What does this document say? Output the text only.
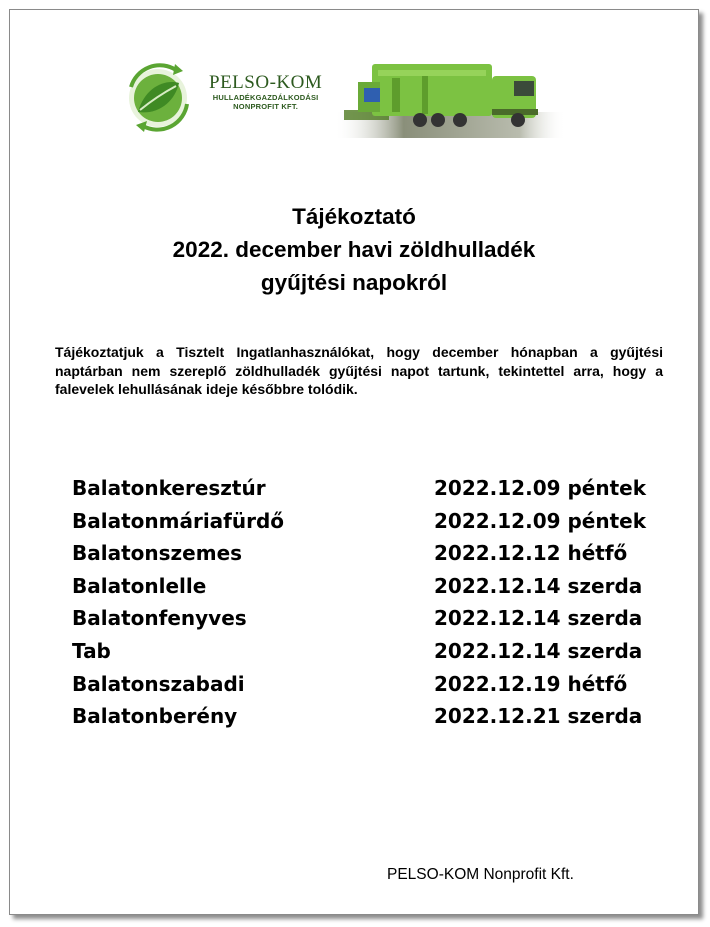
PELSO-KOM
HULLADÉKGAZDÁLKODÁSI
NONPROFIT KFT.
Tájékoztató
2022. december havi zöldhulladék
gyűjtési napokról
Tájékoztatjuk a Tisztelt Ingatlanhasználókat, hogy december hónapban a gyűjtési naptárban nem szereplő zöldhulladék gyűjtési napot tartunk, tekintettel arra, hogy a falevelek lehullásának ideje későbbre tolódik.
Balatonkeresztúr	2022.12.09 péntek
Balatonmáriafürdő	2022.12.09 péntek
Balatonszemes	2022.12.12 hétfő
Balatonlelle	2022.12.14 szerda
Balatonfenyves	2022.12.14 szerda
Tab	2022.12.14 szerda
Balatonszabadi	2022.12.19 hétfő
Balatonberény	2022.12.21 szerda
PELSO-KOM Nonprofit Kft.
